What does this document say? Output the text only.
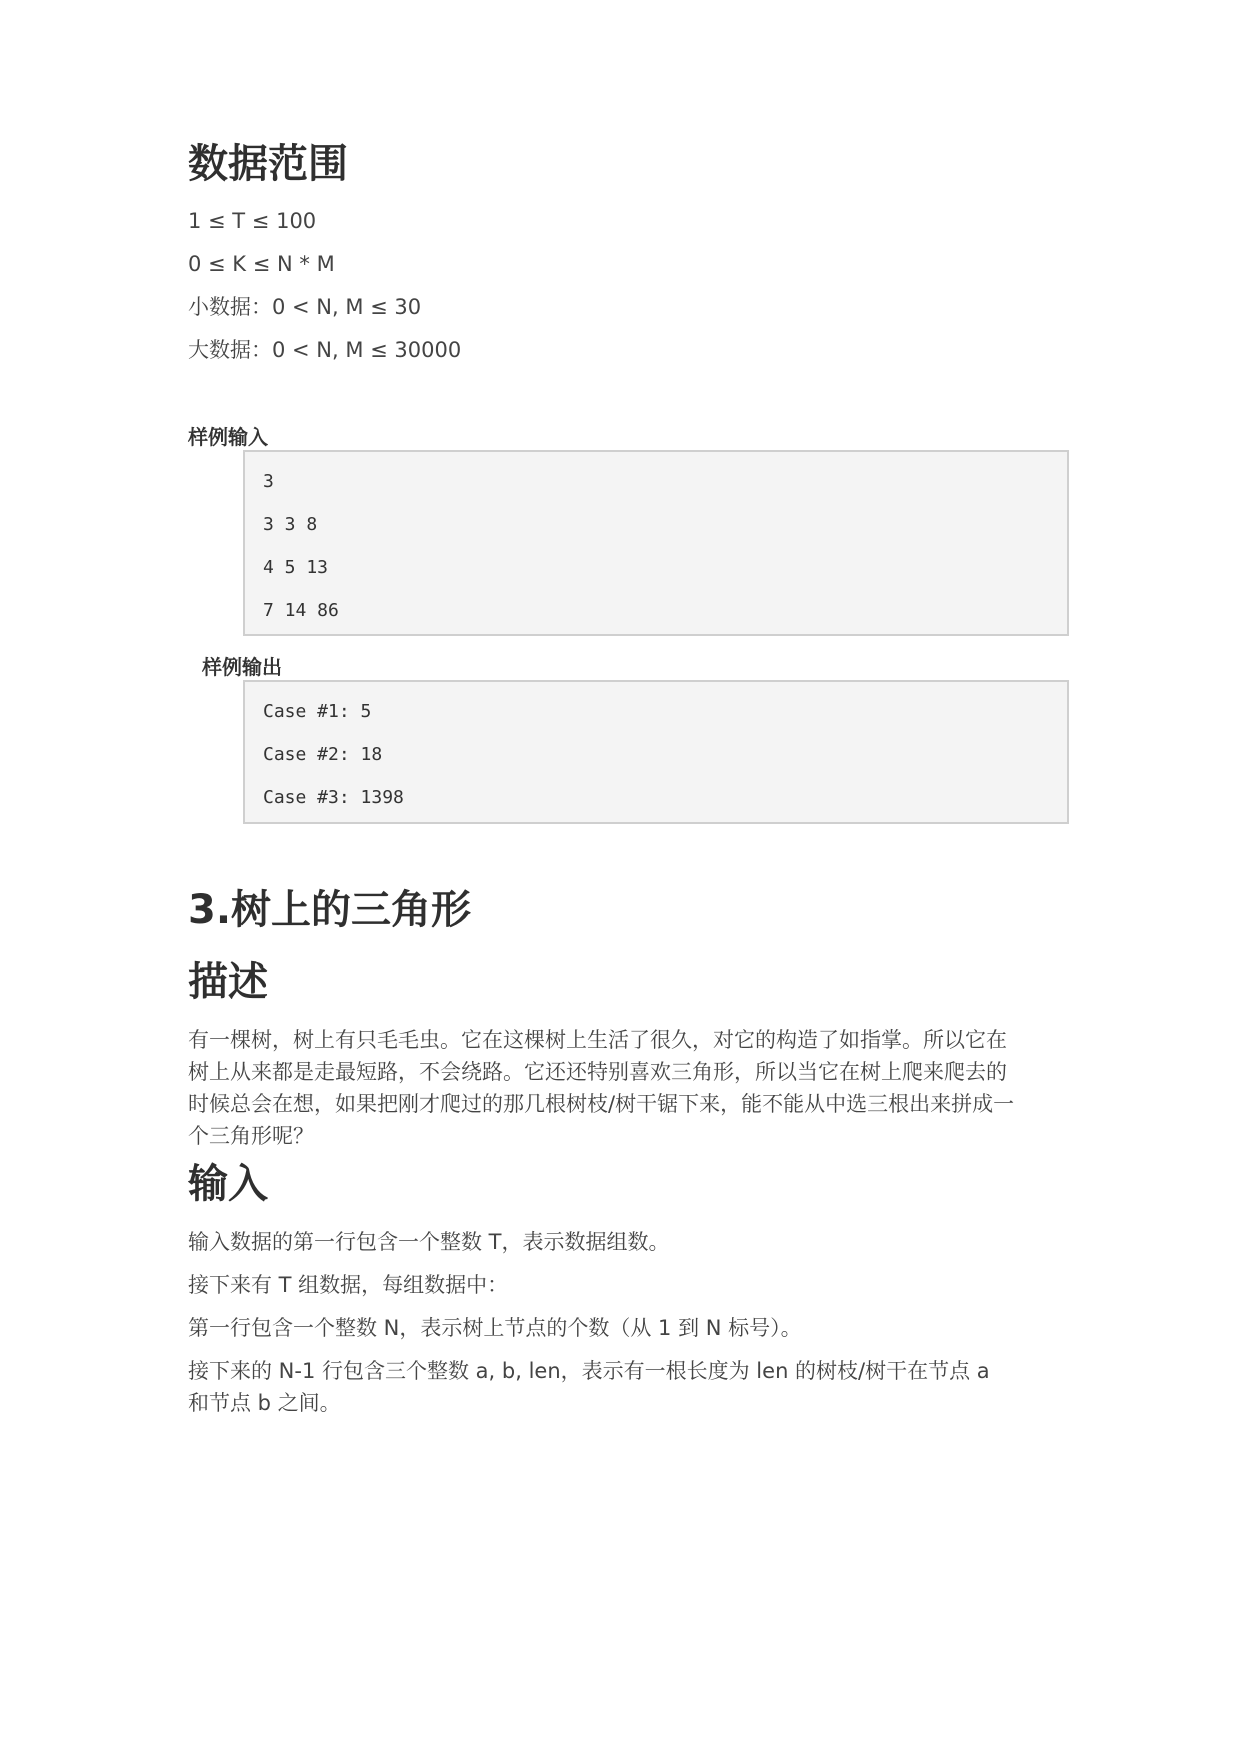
数据范围
1 ≤ T ≤ 100
0 ≤ K ≤ N * M
小数据：0 < N, M ≤ 30
大数据：0 < N, M ≤ 30000
样例输入
3
3 3 8
4 5 13
7 14 86
样例输出
Case #1: 5
Case #2: 18
Case #3: 1398
3.树上的三角形
描述
有一棵树，树上有只毛毛虫。它在这棵树上生活了很久，对它的构造了如指掌。所以它在
树上从来都是走最短路，不会绕路。它还还特别喜欢三角形，所以当它在树上爬来爬去的
时候总会在想，如果把刚才爬过的那几根树枝/树干锯下来，能不能从中选三根出来拼成一
个三角形呢？
输入
输入数据的第一行包含一个整数 T，表示数据组数。
接下来有 T 组数据，每组数据中：
第一行包含一个整数 N，表示树上节点的个数（从 1 到 N 标号）。
接下来的 N-1 行包含三个整数 a, b, len，表示有一根长度为 len 的树枝/树干在节点 a
和节点 b 之间。
